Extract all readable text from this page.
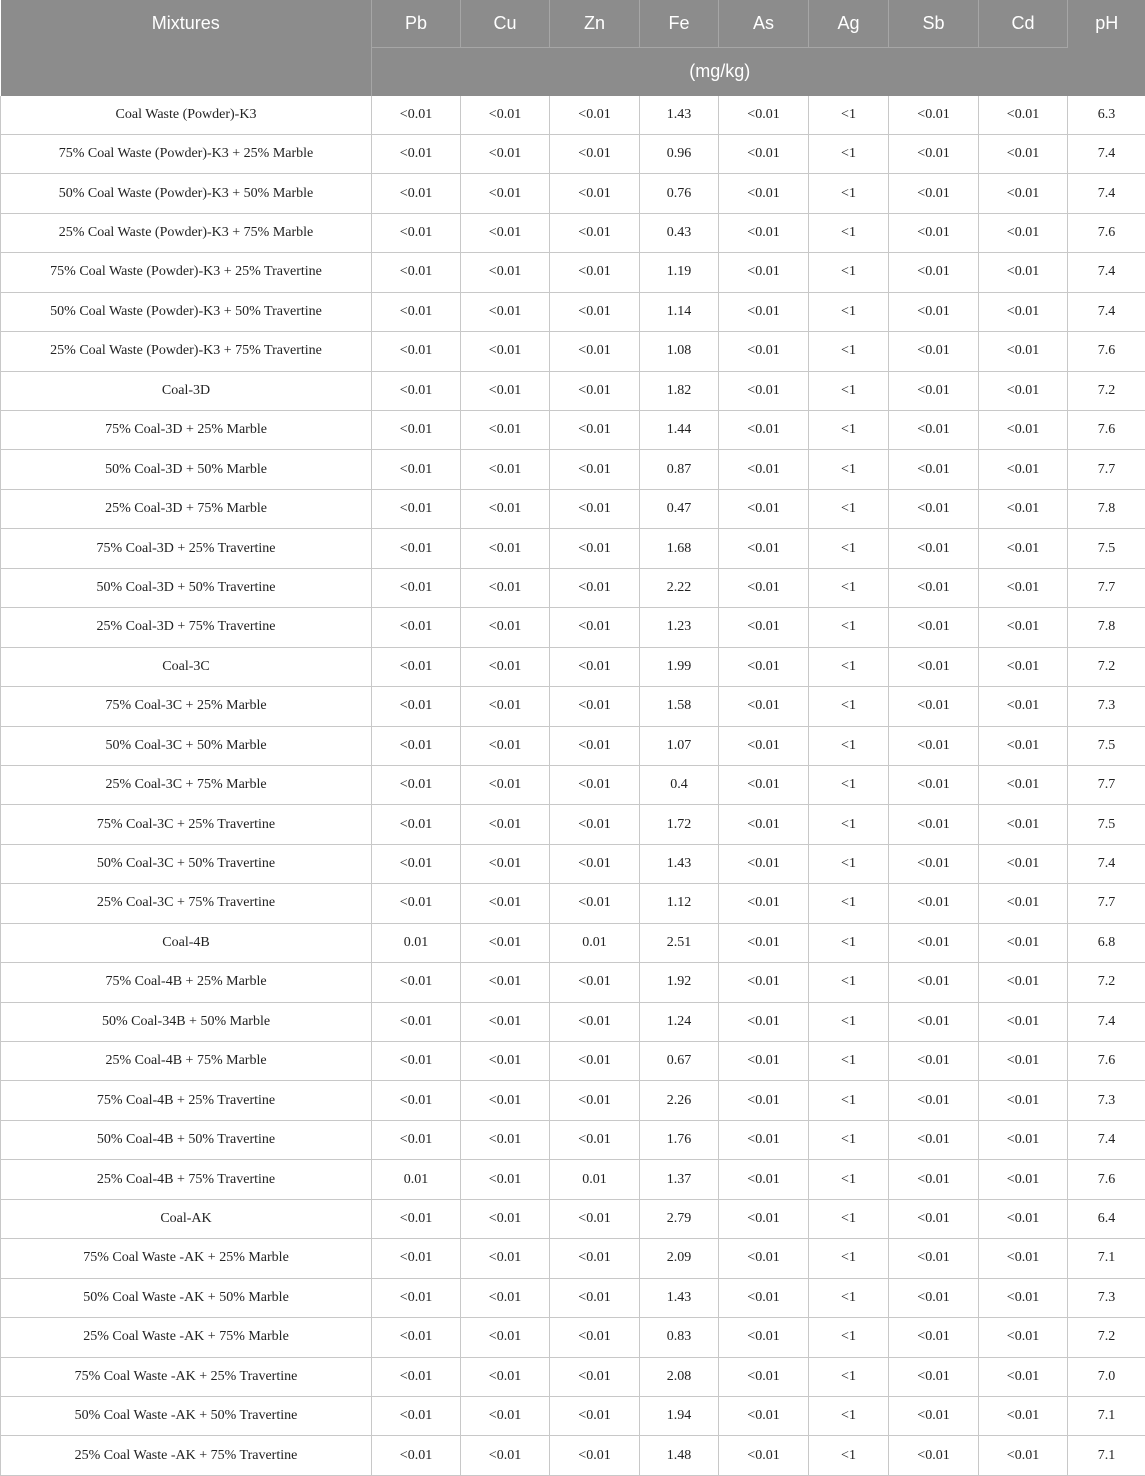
Mixtures	Pb	Cu	Zn	Fe	As	Ag	Sb	Cd	pH
	(mg/kg)								
Coal Waste (Powder)-K3	<0.01	<0.01	<0.01	1.43	<0.01	<1	<0.01	<0.01	6.3
75% Coal Waste (Powder)-K3 + 25% Marble	<0.01	<0.01	<0.01	0.96	<0.01	<1	<0.01	<0.01	7.4
50% Coal Waste (Powder)-K3 + 50% Marble	<0.01	<0.01	<0.01	0.76	<0.01	<1	<0.01	<0.01	7.4
25% Coal Waste (Powder)-K3 + 75% Marble	<0.01	<0.01	<0.01	0.43	<0.01	<1	<0.01	<0.01	7.6
75% Coal Waste (Powder)-K3 + 25% Travertine	<0.01	<0.01	<0.01	1.19	<0.01	<1	<0.01	<0.01	7.4
50% Coal Waste (Powder)-K3 + 50% Travertine	<0.01	<0.01	<0.01	1.14	<0.01	<1	<0.01	<0.01	7.4
25% Coal Waste (Powder)-K3 + 75% Travertine	<0.01	<0.01	<0.01	1.08	<0.01	<1	<0.01	<0.01	7.6
Coal-3D	<0.01	<0.01	<0.01	1.82	<0.01	<1	<0.01	<0.01	7.2
75% Coal-3D + 25% Marble	<0.01	<0.01	<0.01	1.44	<0.01	<1	<0.01	<0.01	7.6
50% Coal-3D + 50% Marble	<0.01	<0.01	<0.01	0.87	<0.01	<1	<0.01	<0.01	7.7
25% Coal-3D + 75% Marble	<0.01	<0.01	<0.01	0.47	<0.01	<1	<0.01	<0.01	7.8
75% Coal-3D + 25% Travertine	<0.01	<0.01	<0.01	1.68	<0.01	<1	<0.01	<0.01	7.5
50% Coal-3D + 50% Travertine	<0.01	<0.01	<0.01	2.22	<0.01	<1	<0.01	<0.01	7.7
25% Coal-3D + 75% Travertine	<0.01	<0.01	<0.01	1.23	<0.01	<1	<0.01	<0.01	7.8
Coal-3C	<0.01	<0.01	<0.01	1.99	<0.01	<1	<0.01	<0.01	7.2
75% Coal-3C + 25% Marble	<0.01	<0.01	<0.01	1.58	<0.01	<1	<0.01	<0.01	7.3
50% Coal-3C + 50% Marble	<0.01	<0.01	<0.01	1.07	<0.01	<1	<0.01	<0.01	7.5
25% Coal-3C + 75% Marble	<0.01	<0.01	<0.01	0.4	<0.01	<1	<0.01	<0.01	7.7
75% Coal-3C + 25% Travertine	<0.01	<0.01	<0.01	1.72	<0.01	<1	<0.01	<0.01	7.5
50% Coal-3C + 50% Travertine	<0.01	<0.01	<0.01	1.43	<0.01	<1	<0.01	<0.01	7.4
25% Coal-3C + 75% Travertine	<0.01	<0.01	<0.01	1.12	<0.01	<1	<0.01	<0.01	7.7
Coal-4B	0.01	<0.01	0.01	2.51	<0.01	<1	<0.01	<0.01	6.8
75% Coal-4B + 25% Marble	<0.01	<0.01	<0.01	1.92	<0.01	<1	<0.01	<0.01	7.2
50% Coal-34B + 50% Marble	<0.01	<0.01	<0.01	1.24	<0.01	<1	<0.01	<0.01	7.4
25% Coal-4B + 75% Marble	<0.01	<0.01	<0.01	0.67	<0.01	<1	<0.01	<0.01	7.6
75% Coal-4B + 25% Travertine	<0.01	<0.01	<0.01	2.26	<0.01	<1	<0.01	<0.01	7.3
50% Coal-4B + 50% Travertine	<0.01	<0.01	<0.01	1.76	<0.01	<1	<0.01	<0.01	7.4
25% Coal-4B + 75% Travertine	0.01	<0.01	0.01	1.37	<0.01	<1	<0.01	<0.01	7.6
Coal-AK	<0.01	<0.01	<0.01	2.79	<0.01	<1	<0.01	<0.01	6.4
75% Coal Waste -AK + 25% Marble	<0.01	<0.01	<0.01	2.09	<0.01	<1	<0.01	<0.01	7.1
50% Coal Waste -AK + 50% Marble	<0.01	<0.01	<0.01	1.43	<0.01	<1	<0.01	<0.01	7.3
25% Coal Waste -AK + 75% Marble	<0.01	<0.01	<0.01	0.83	<0.01	<1	<0.01	<0.01	7.2
75% Coal Waste -AK + 25% Travertine	<0.01	<0.01	<0.01	2.08	<0.01	<1	<0.01	<0.01	7.0
50% Coal Waste -AK + 50% Travertine	<0.01	<0.01	<0.01	1.94	<0.01	<1	<0.01	<0.01	7.1
25% Coal Waste -AK + 75% Travertine	<0.01	<0.01	<0.01	1.48	<0.01	<1	<0.01	<0.01	7.1
